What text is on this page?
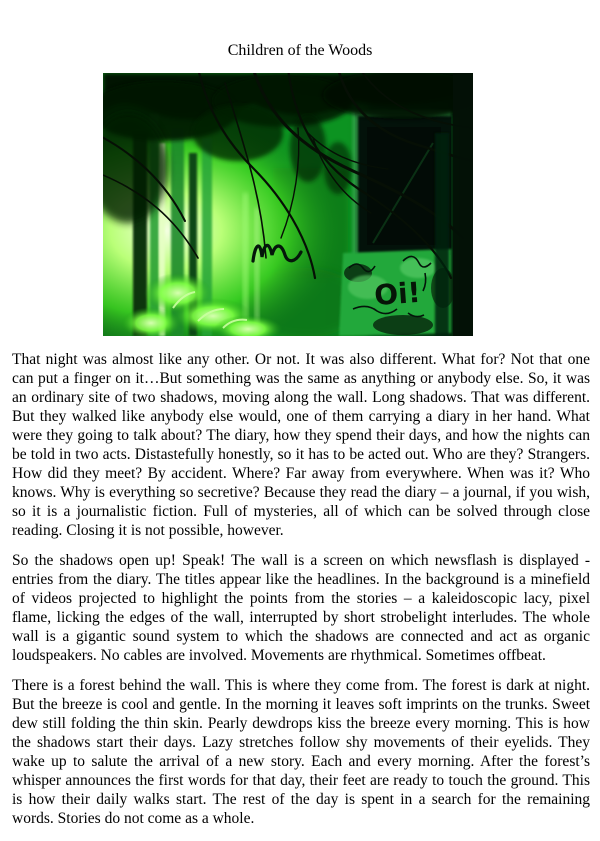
Children of the Woods

That night was almost like any other. Or not. It was also different. What for? Not that one can put a finger on it…But something was the same as anything or anybody else. So, it was an ordinary site of two shadows, moving along the wall. Long shadows. That was different. But they walked like anybody else would, one of them carrying a diary in her hand. What were they going to talk about? The diary, how they spend their days, and how the nights can be told in two acts. Distastefully honestly, so it has to be acted out. Who are they? Strangers. How did they meet? By accident. Where? Far away from everywhere. When was it? Who knows. Why is everything so secretive? Because they read the diary – a journal, if you wish, so it is a journalistic fiction. Full of mysteries, all of which can be solved through close reading. Closing it is not possible, however.

So the shadows open up! Speak! The wall is a screen on which newsflash is displayed - entries from the diary. The titles appear like the headlines. In the background is a minefield of videos projected to highlight the points from the stories – a kaleidoscopic lacy, pixel flame, licking the edges of the wall, interrupted by short strobelight interludes. The whole wall is a gigantic sound system to which the shadows are connected and act as organic loudspeakers. No cables are involved. Movements are rhythmical. Sometimes offbeat.

There is a forest behind the wall. This is where they come from. The forest is dark at night. But the breeze is cool and gentle. In the morning it leaves soft imprints on the trunks. Sweet dew still folding the thin skin. Pearly dewdrops kiss the breeze every morning. This is how the shadows start their days. Lazy stretches follow shy movements of their eyelids. They wake up to salute the arrival of a new story. Each and every morning. After the forest’s whisper announces the first words for that day, their feet are ready to touch the ground. This is how their daily walks start. The rest of the day is spent in a search for the remaining words. Stories do not come as a whole.
